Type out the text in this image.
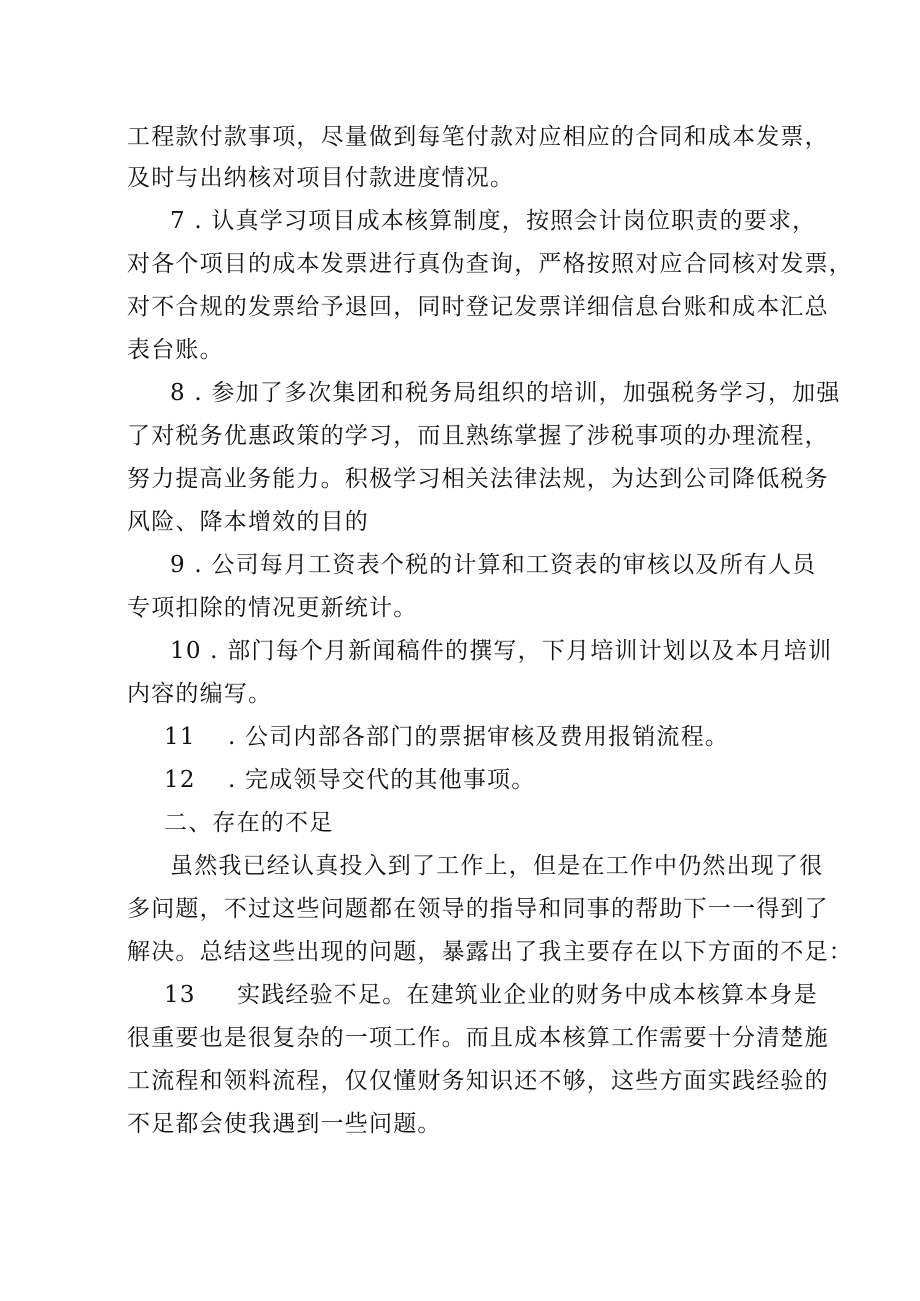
工程款付款事项，尽量做到每笔付款对应相应的合同和成本发票，
及时与出纳核对项目付款进度情况。
7 . 认真学习项目成本核算制度，按照会计岗位职责的要求，
对各个项目的成本发票进行真伪查询，严格按照对应合同核对发票，
对不合规的发票给予退回，同时登记发票详细信息台账和成本汇总
表台账。
8 . 参加了多次集团和税务局组织的培训，加强税务学习，加强
了对税务优惠政策的学习，而且熟练掌握了涉税事项的办理流程，
努力提高业务能力。积极学习相关法律法规，为达到公司降低税务
风险、降本增效的目的
9 . 公司每月工资表个税的计算和工资表的审核以及所有人员
专项扣除的情况更新统计。
10 . 部门每个月新闻稿件的撰写，下月培训计划以及本月培训
内容的编写。
11 . 公司内部各部门的票据审核及费用报销流程。
12 . 完成领导交代的其他事项。
二、存在的不足
虽然我已经认真投入到了工作上，但是在工作中仍然出现了很
多问题，不过这些问题都在领导的指导和同事的帮助下一一得到了
解决。总结这些出现的问题，暴露出了我主要存在以下方面的不足：
13 实践经验不足。在建筑业企业的财务中成本核算本身是
很重要也是很复杂的一项工作。而且成本核算工作需要十分清楚施
工流程和领料流程，仅仅懂财务知识还不够，这些方面实践经验的
不足都会使我遇到一些问题。
